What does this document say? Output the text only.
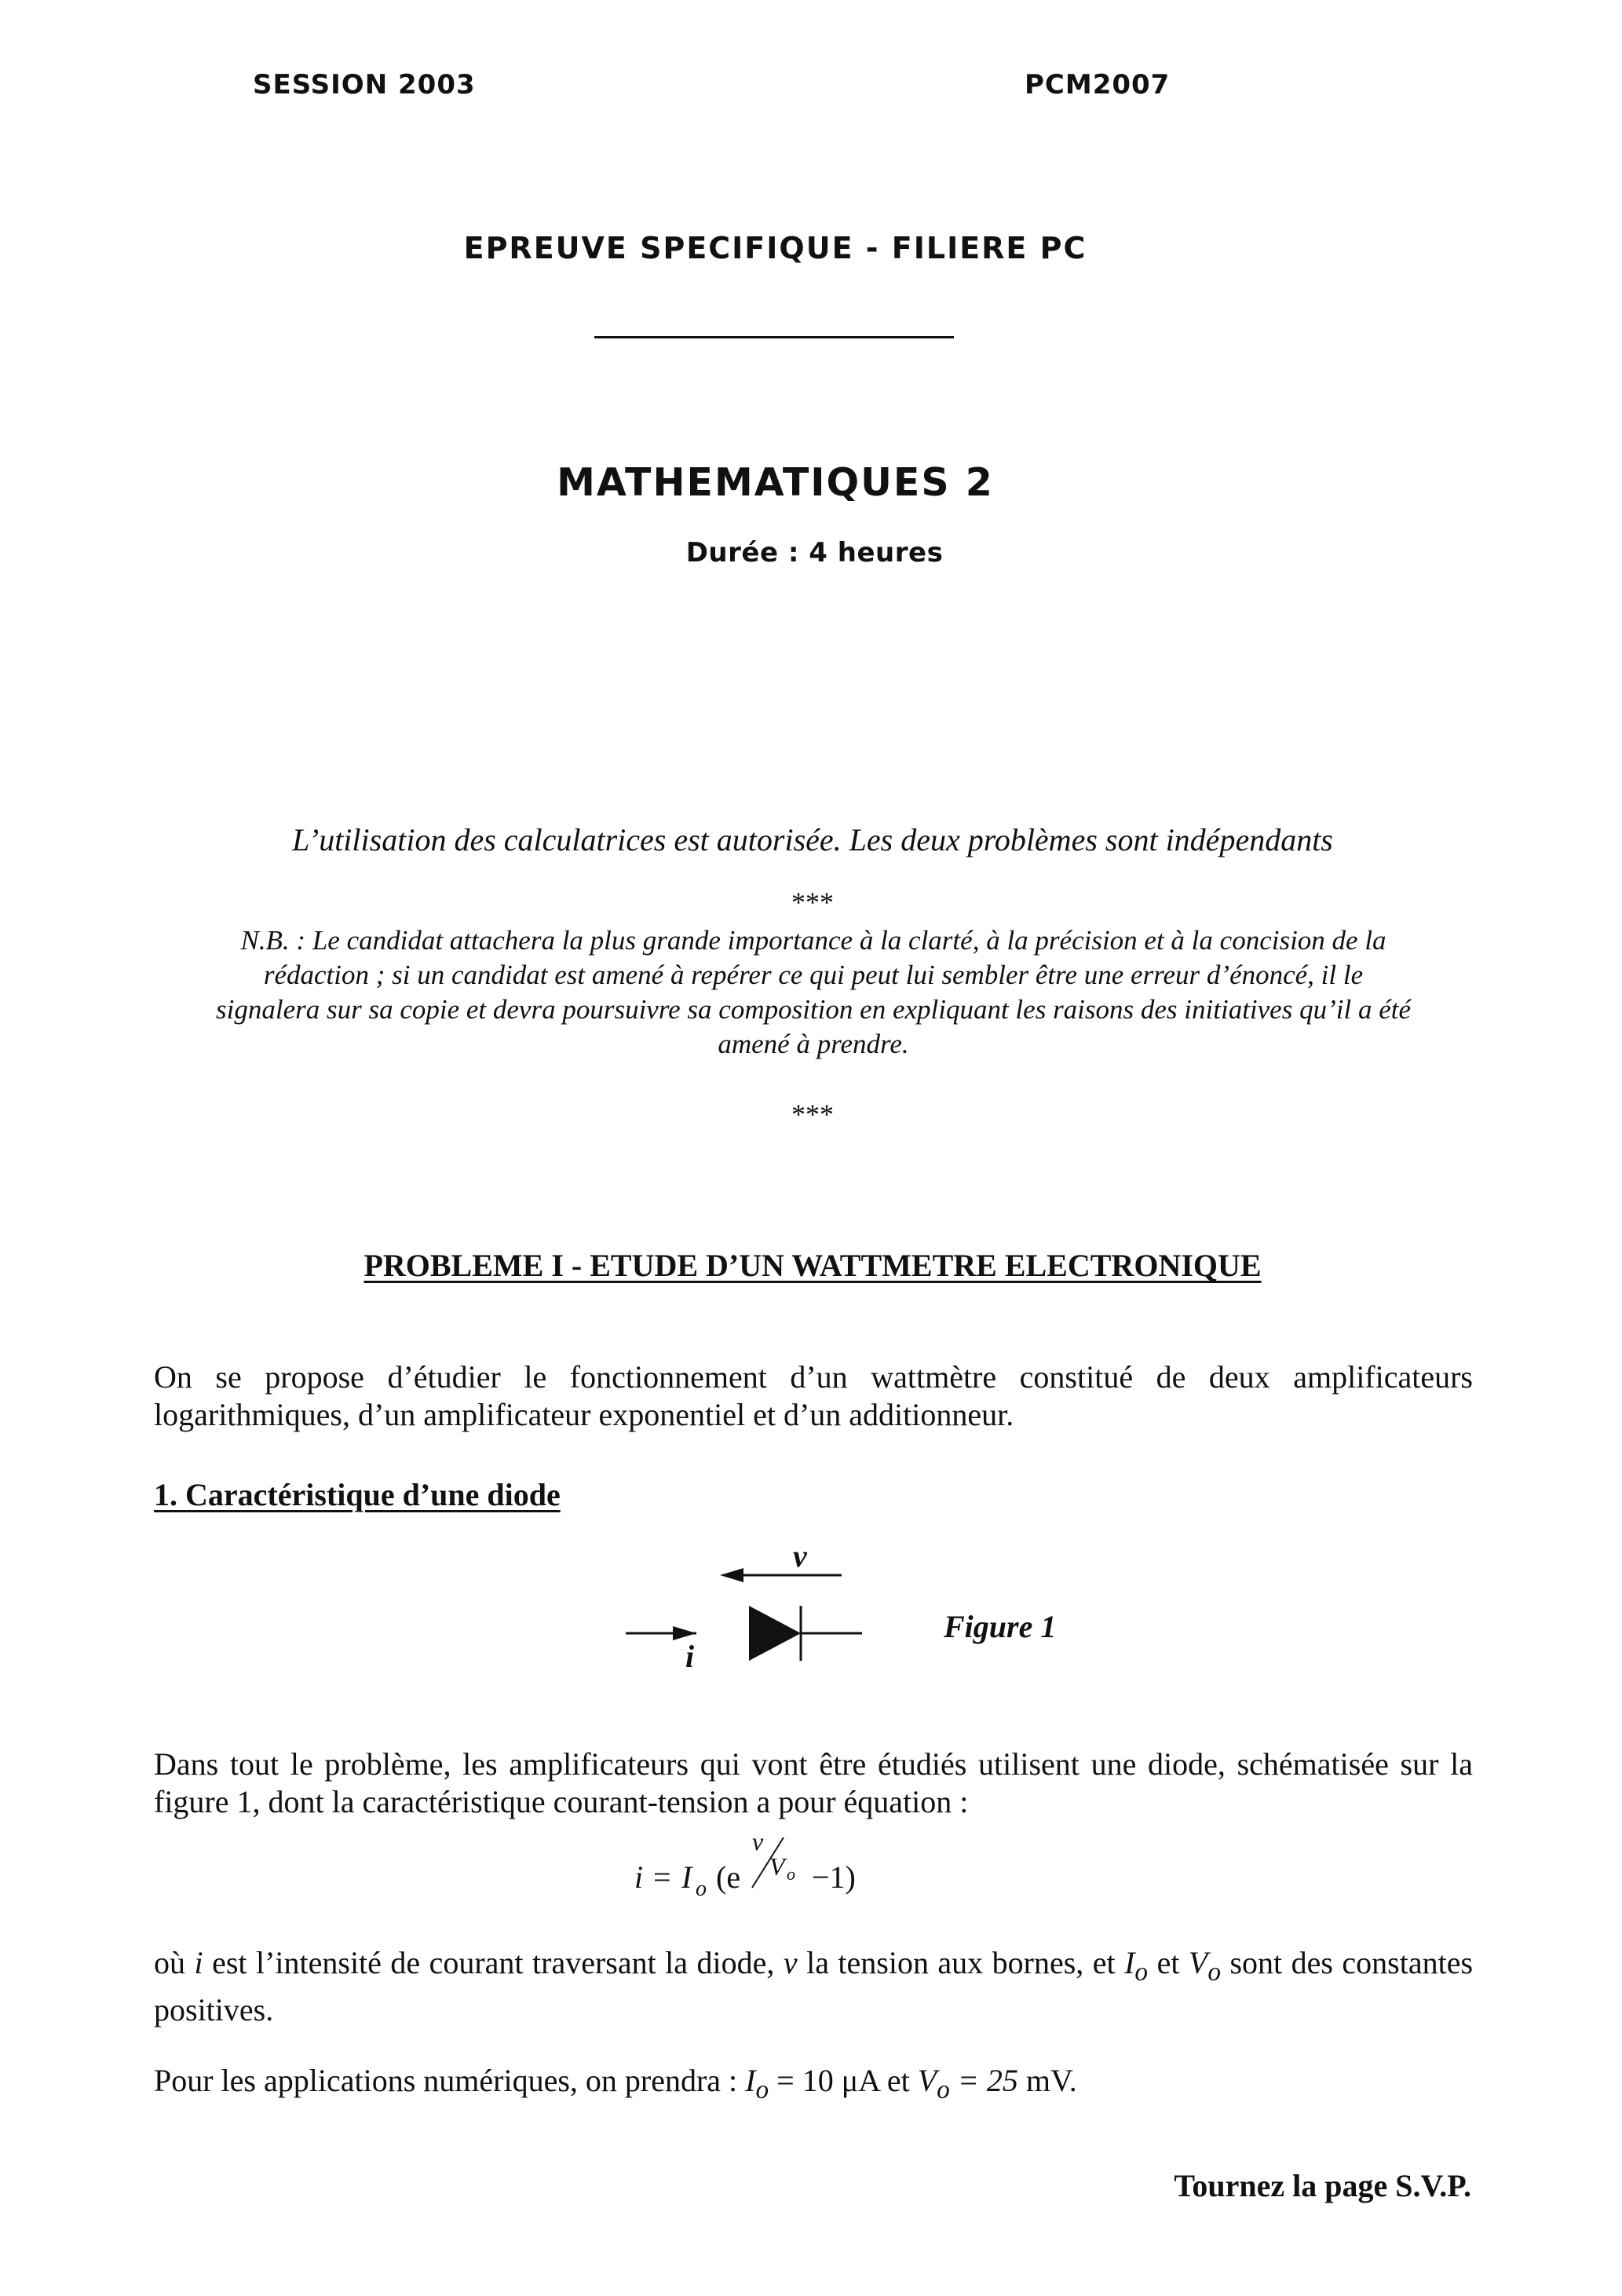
SESSION 2003	PCM2007
EPREUVE SPECIFIQUE - FILIERE PC
MATHEMATIQUES 2
Durée : 4 heures
L’utilisation des calculatrices est autorisée. Les deux problèmes sont indépendants
***
N.B. : Le candidat attachera la plus grande importance à la clarté, à la précision et à la concision de la
rédaction ; si un candidat est amené à repérer ce qui peut lui sembler être une erreur d’énoncé, il le
signalera sur sa copie et devra poursuivre sa composition en expliquant les raisons des initiatives qu’il a été
amené à prendre.
***
PROBLEME I - ETUDE D’UN WATTMETRE ELECTRONIQUE
On se propose d’étudier le fonctionnement d’un wattmètre constitué de deux amplificateurs logarithmiques, d’un amplificateur exponentiel et d’un additionneur.
1. Caractéristique d’une diode
v
i
Figure 1
Dans tout le problème, les amplificateurs qui vont être étudiés utilisent une diode, schématisée sur la figure 1, dont la caractéristique courant-tension a pour équation :
i = I o (e
v
V o −1)
où i est l’intensité de courant traversant la diode, v la tension aux bornes, et $I_o$ et $V_o$ sont des constantes positives.
Pour les applications numériques, on prendra : $I_o = 10$ μA et $V_o = 25$ mV.
Tournez la page S.V.P.
